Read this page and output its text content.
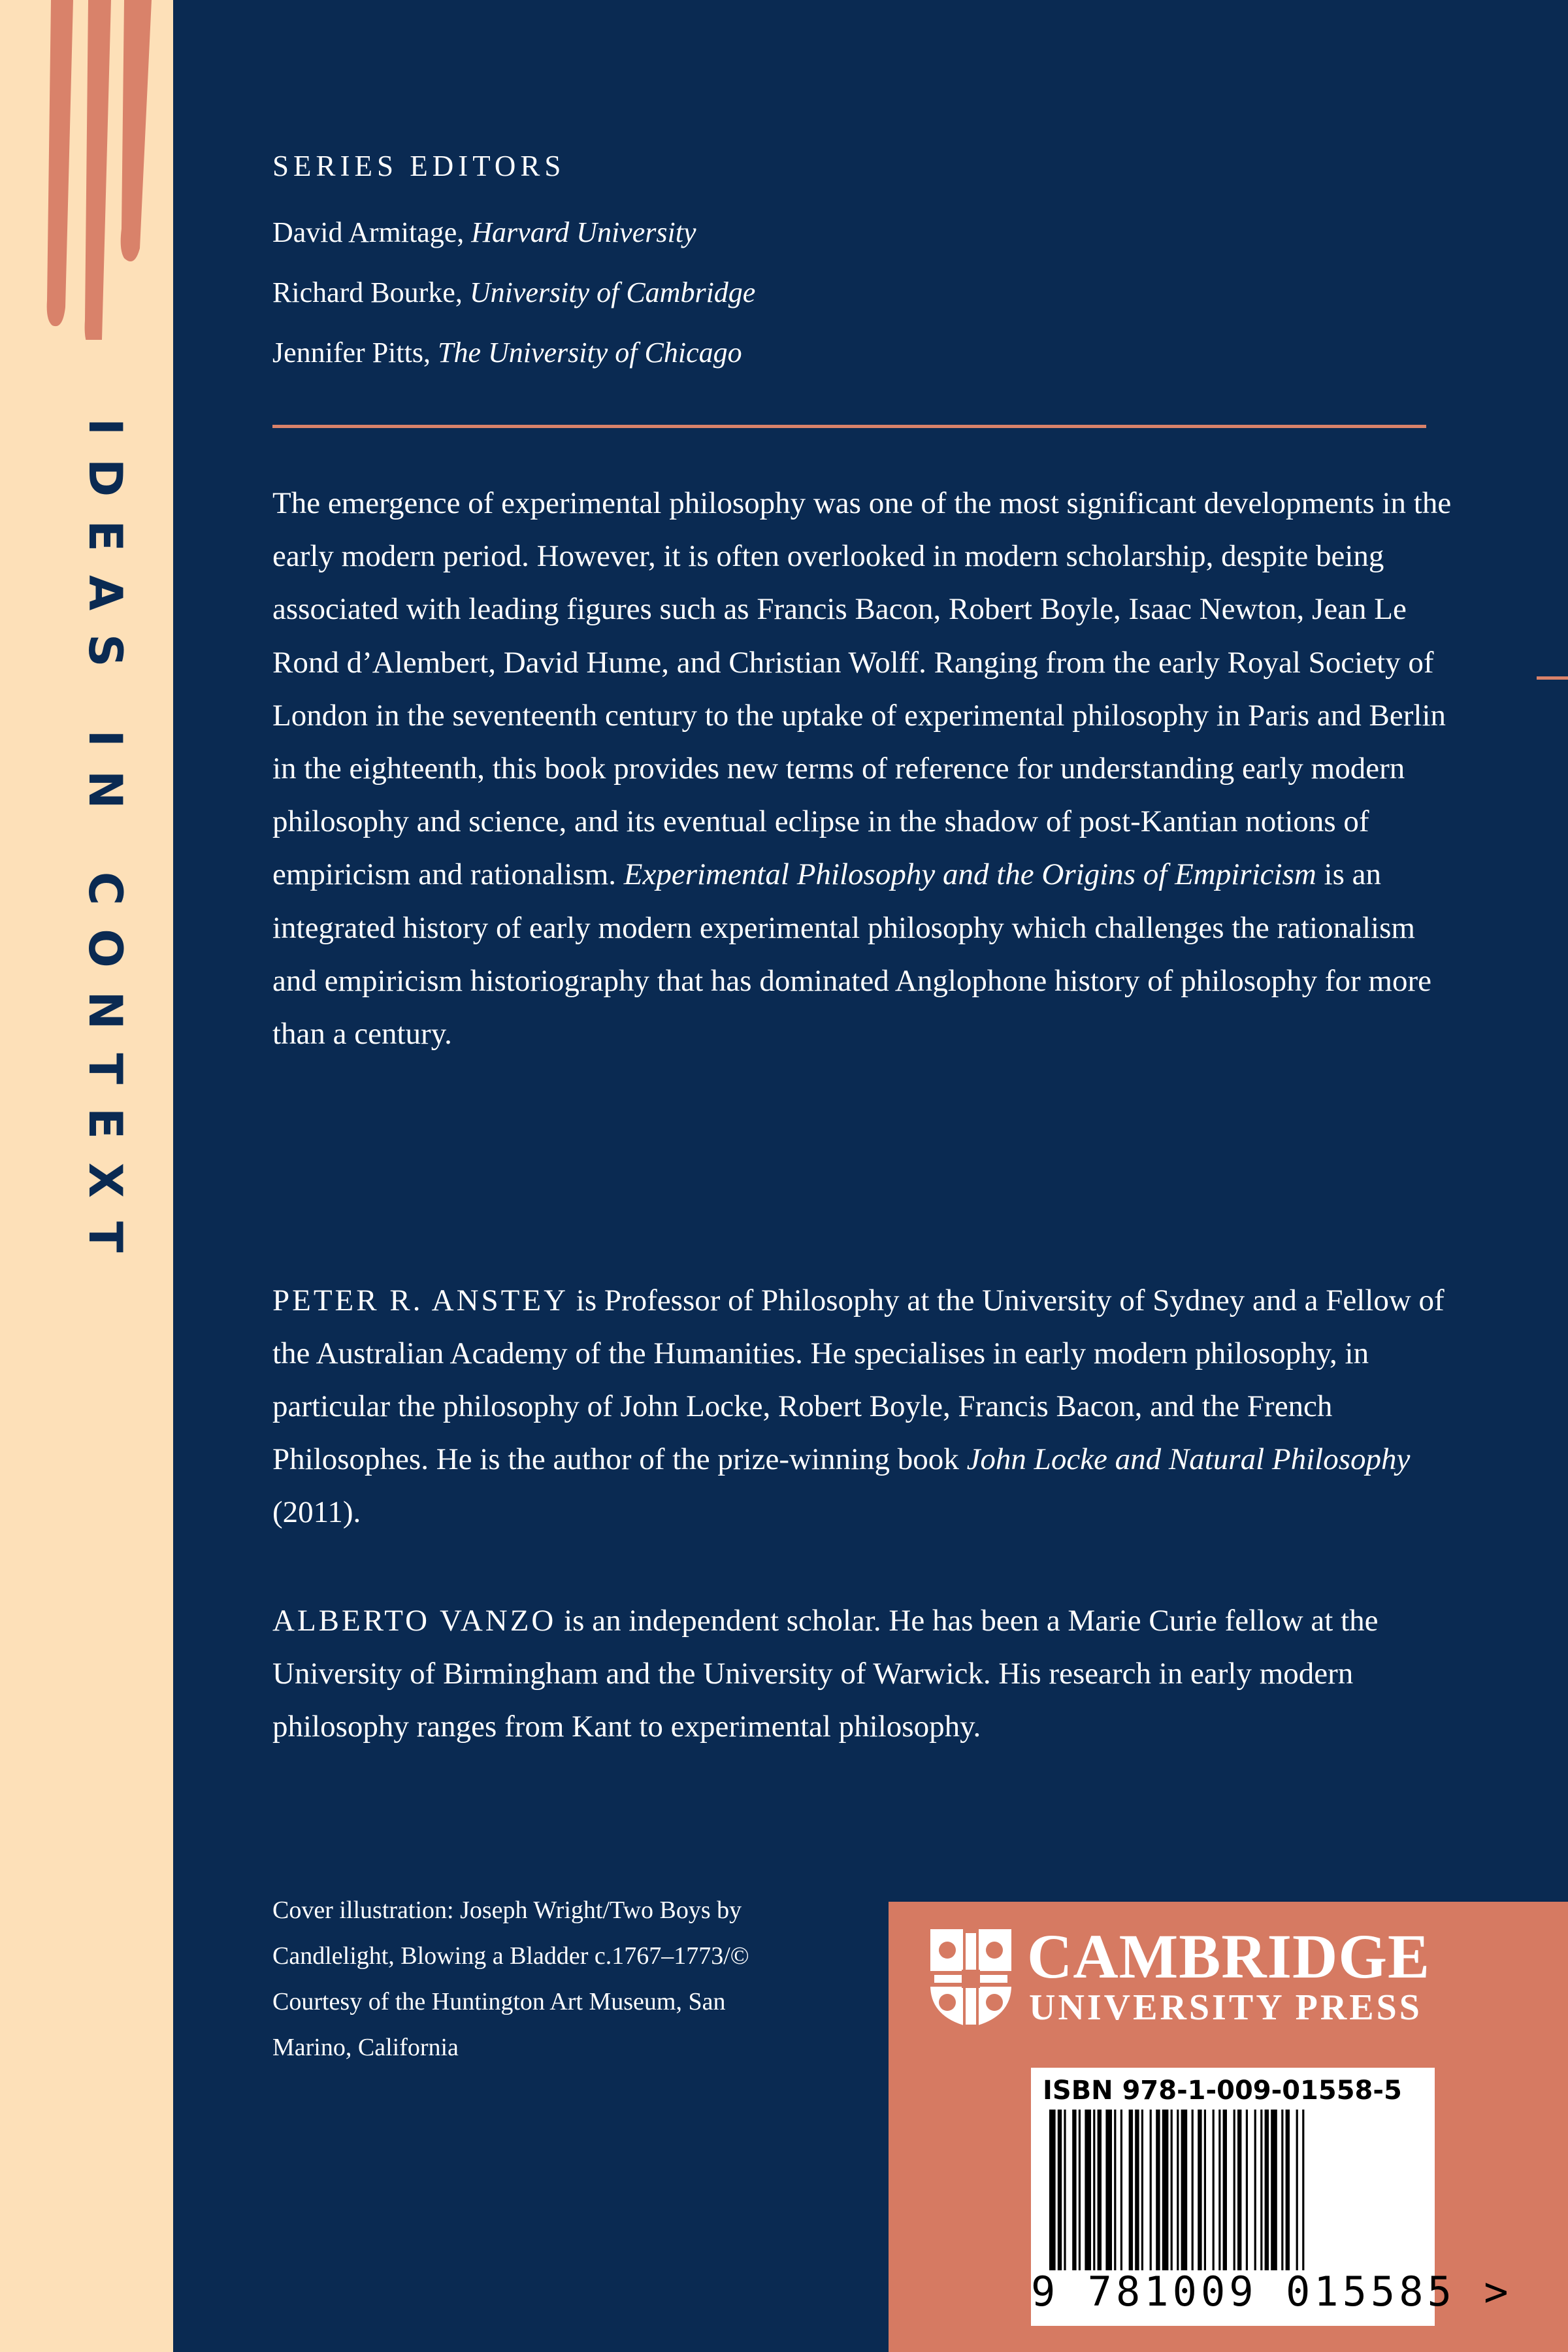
IDEAS IN CONTEXT
SERIES EDITORS
David Armitage, Harvard University
Richard Bourke, University of Cambridge
Jennifer Pitts, The University of Chicago

The emergence of experimental philosophy was one of the most significant developments in the early modern period. However, it is often overlooked in modern scholarship, despite being associated with leading figures such as Francis Bacon, Robert Boyle, Isaac Newton, Jean Le Rond d’Alembert, David Hume, and Christian Wolff. Ranging from the early Royal Society of London in the seventeenth century to the uptake of experimental philosophy in Paris and Berlin in the eighteenth, this book provides new terms of reference for understanding early modern philosophy and science, and its eventual eclipse in the shadow of post-Kantian notions of empiricism and rationalism. Experimental Philosophy and the Origins of Empiricism is an integrated history of early modern experimental philosophy which challenges the rationalism and empiricism historiography that has dominated Anglophone history of philosophy for more than a century.

PETER R. ANSTEY is Professor of Philosophy at the University of Sydney and a Fellow of the Australian Academy of the Humanities. He specialises in early modern philosophy, in particular the philosophy of John Locke, Robert Boyle, Francis Bacon, and the French Philosophes. He is the author of the prize-winning book John Locke and Natural Philosophy (2011).

ALBERTO VANZO is an independent scholar. He has been a Marie Curie fellow at the University of Birmingham and the University of Warwick. His research in early modern philosophy ranges from Kant to experimental philosophy.

Cover illustration: Joseph Wright/Two Boys by Candlelight, Blowing a Bladder c.1767–1773/© Courtesy of the Huntington Art Museum, San Marino, California

CAMBRIDGE
UNIVERSITY PRESS
ISBN 978-1-009-01558-5
9 781009 015585 >
